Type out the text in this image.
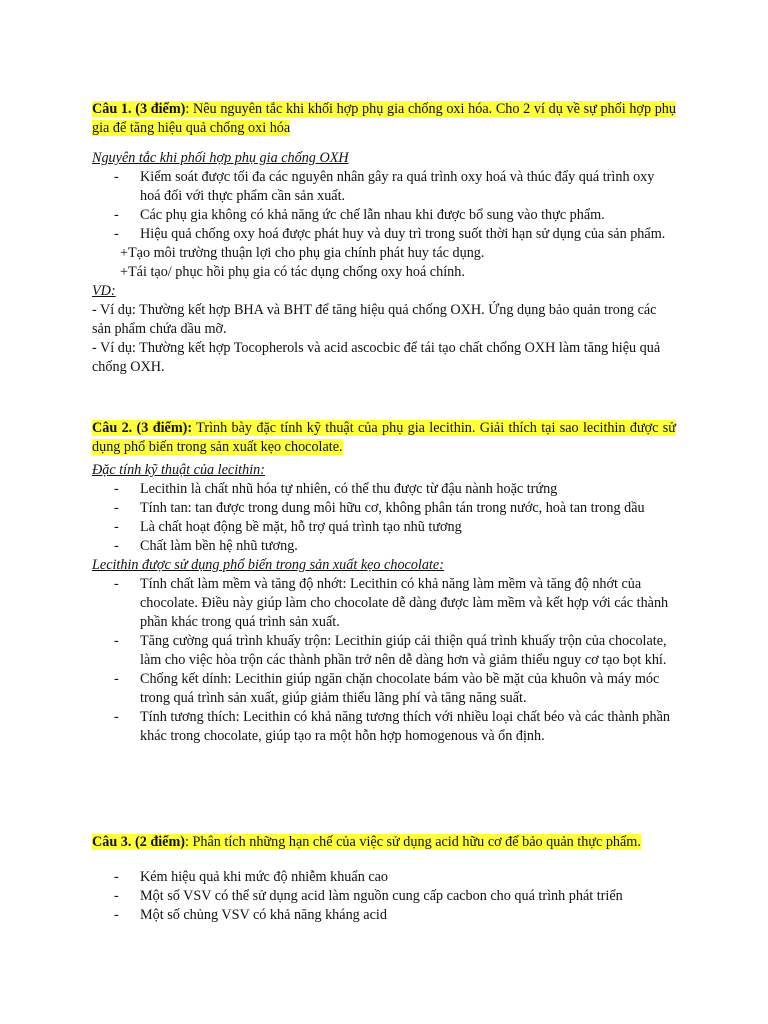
Câu 1. (3 điểm): Nêu nguyên tắc khi khối hợp phụ gia chống oxi hóa. Cho 2 ví dụ về sự phối hợp phụ gia để tăng hiệu quả chống oxi hóa
Nguyên tắc khi phối hợp phụ gia chống OXH
- Kiểm soát được tối đa các nguyên nhân gây ra quá trình oxy hoá và thúc đẩy quá trình oxy hoá đối với thực phẩm cần sản xuất.
- Các phụ gia không có khả năng ức chế lẫn nhau khi được bổ sung vào thực phẩm.
- Hiệu quả chống oxy hoá được phát huy và duy trì trong suốt thời hạn sử dụng của sản phẩm.
+Tạo môi trường thuận lợi cho phụ gia chính phát huy tác dụng.
+Tái tạo/ phục hồi phụ gia có tác dụng chống oxy hoá chính.
VD:
- Ví dụ: Thường kết hợp BHA và BHT để tăng hiệu quả chống OXH. Ứng dụng bảo quản trong các sản phẩm chứa dầu mỡ.
- Ví dụ: Thường kết hợp Tocopherols và acid ascocbic để tái tạo chất chống OXH làm tăng hiệu quả chống OXH.
Câu 2. (3 điểm): Trình bày đặc tính kỹ thuật của phụ gia lecithin. Giải thích tại sao lecithin được sử dụng phổ biến trong sản xuất kẹo chocolate.
Đặc tính kỹ thuật của lecithin:
- Lecithin là chất nhũ hóa tự nhiên, có thể thu được từ đậu nành hoặc trứng
- Tính tan: tan được trong dung môi hữu cơ, không phân tán trong nước, hoà tan trong dầu
- Là chất hoạt động bề mặt, hỗ trợ quá trình tạo nhũ tương
- Chất làm bền hệ nhũ tương.
Lecithin được sử dụng phổ biến trong sản xuất kẹo chocolate:
- Tính chất làm mềm và tăng độ nhớt: Lecithin có khả năng làm mềm và tăng độ nhớt của chocolate. Điều này giúp làm cho chocolate dễ dàng được làm mềm và kết hợp với các thành phần khác trong quá trình sản xuất.
- Tăng cường quá trình khuấy trộn: Lecithin giúp cải thiện quá trình khuấy trộn của chocolate, làm cho việc hòa trộn các thành phần trở nên dễ dàng hơn và giảm thiểu nguy cơ tạo bọt khí.
- Chống kết dính: Lecithin giúp ngăn chặn chocolate bám vào bề mặt của khuôn và máy móc trong quá trình sản xuất, giúp giảm thiểu lãng phí và tăng năng suất.
- Tính tương thích: Lecithin có khả năng tương thích với nhiều loại chất béo và các thành phần khác trong chocolate, giúp tạo ra một hỗn hợp homogenous và ổn định.
Câu 3. (2 điểm): Phân tích những hạn chế của việc sử dụng acid hữu cơ để bảo quản thực phẩm.
- Kém hiệu quả khi mức độ nhiễm khuẩn cao
- Một số VSV có thể sử dụng acid làm nguồn cung cấp cacbon cho quá trình phát triển
- Một số chủng VSV có khả năng kháng acid
